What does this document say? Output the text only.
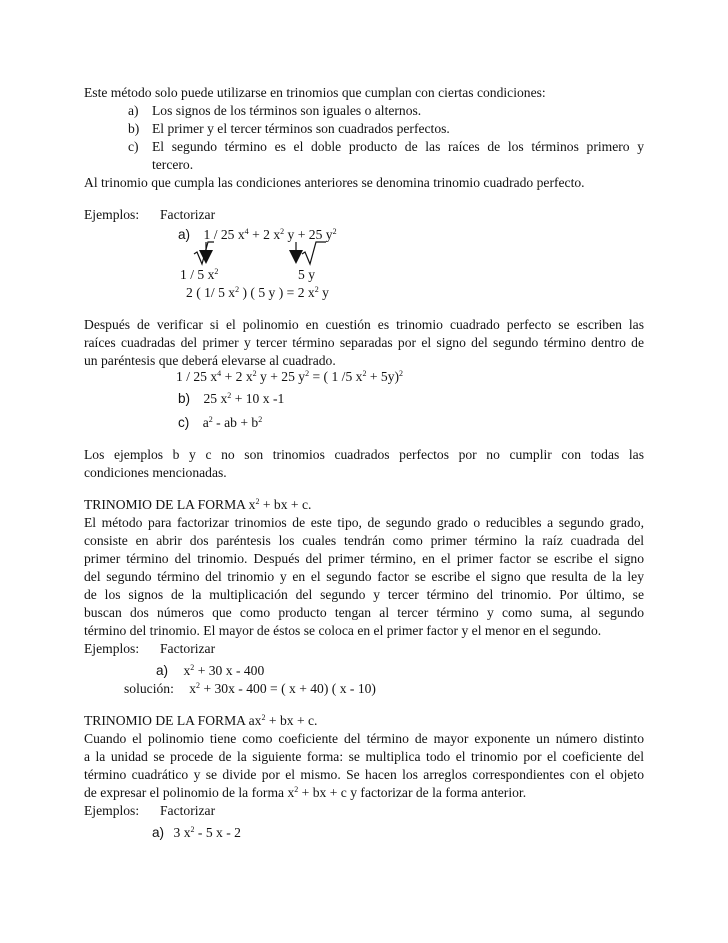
Este método solo puede utilizarse en trinomios que cumplan con ciertas condiciones:
a) Los signos de los términos son iguales o alternos.
b) El primer y el tercer términos son cuadrados perfectos.
c) El segundo término es el doble producto de las raíces de los términos primero y
tercero.
Al trinomio que cumpla las condiciones anteriores se denomina trinomio cuadrado perfecto.
Ejemplos: Factorizar
a) 1 / 25 $x^4 + 2$ $x^2$ y + 25 $y^2$
1 / 5 $x^2$	5 y
2 ( 1/ 5 $x^2$ ) ( 5 y ) = 2 $x^2$ y
Después de verificar si el polinomio en cuestión es trinomio cuadrado perfecto se escriben las
raíces cuadradas del primer y tercer término separadas por el signo del segundo término dentro de
un paréntesis que deberá elevarse al cuadrado.
1 / 25 $x^4 + 2$ $x^2$ y + 25 $y^2$ = ( 1 /5 $x^2 + 5y)^2$
b) 25 $x^2 + 10$ x -1
c) $a^2$ - ab + $b^2$
Los ejemplos b y c no son trinomios cuadrados perfectos por no cumplir con todas las
condiciones mencionadas.
TRINOMIO DE LA FORMA $x^2$ + bx + c.
El método para factorizar trinomios de este tipo, de segundo grado o reducibles a segundo grado,
consiste en abrir dos paréntesis los cuales tendrán como primer término la raíz cuadrada del
primer término del trinomio. Después del primer término, en el primer factor se escribe el signo
del segundo término del trinomio y en el segundo factor se escribe el signo que resulta de la ley
de los signos de la multiplicación del segundo y tercer término del trinomio. Por último, se
buscan dos números que como producto tengan al tercer término y como suma, al segundo
término del trinomio. El mayor de éstos se coloca en el primer factor y el menor en el segundo.
Ejemplos: Factorizar
a) $x^2 + 30$ x - 400
solución: $x^2 + 30x - 400$ = ( x + 40) ( x - 10)
TRINOMIO DE LA FORMA $ax^2$ + bx + c.
Cuando el polinomio tiene como coeficiente del término de mayor exponente un número distinto
a la unidad se procede de la siguiente forma: se multiplica todo el trinomio por el coeficiente del
término cuadrático y se divide por el mismo. Se hacen los arreglos correspondientes con el objeto
de expresar el polinomio de la forma $x^2$ + bx + c y factorizar de la forma anterior.
Ejemplos: Factorizar
a) 3 $x^2 - 5$ x - 2
